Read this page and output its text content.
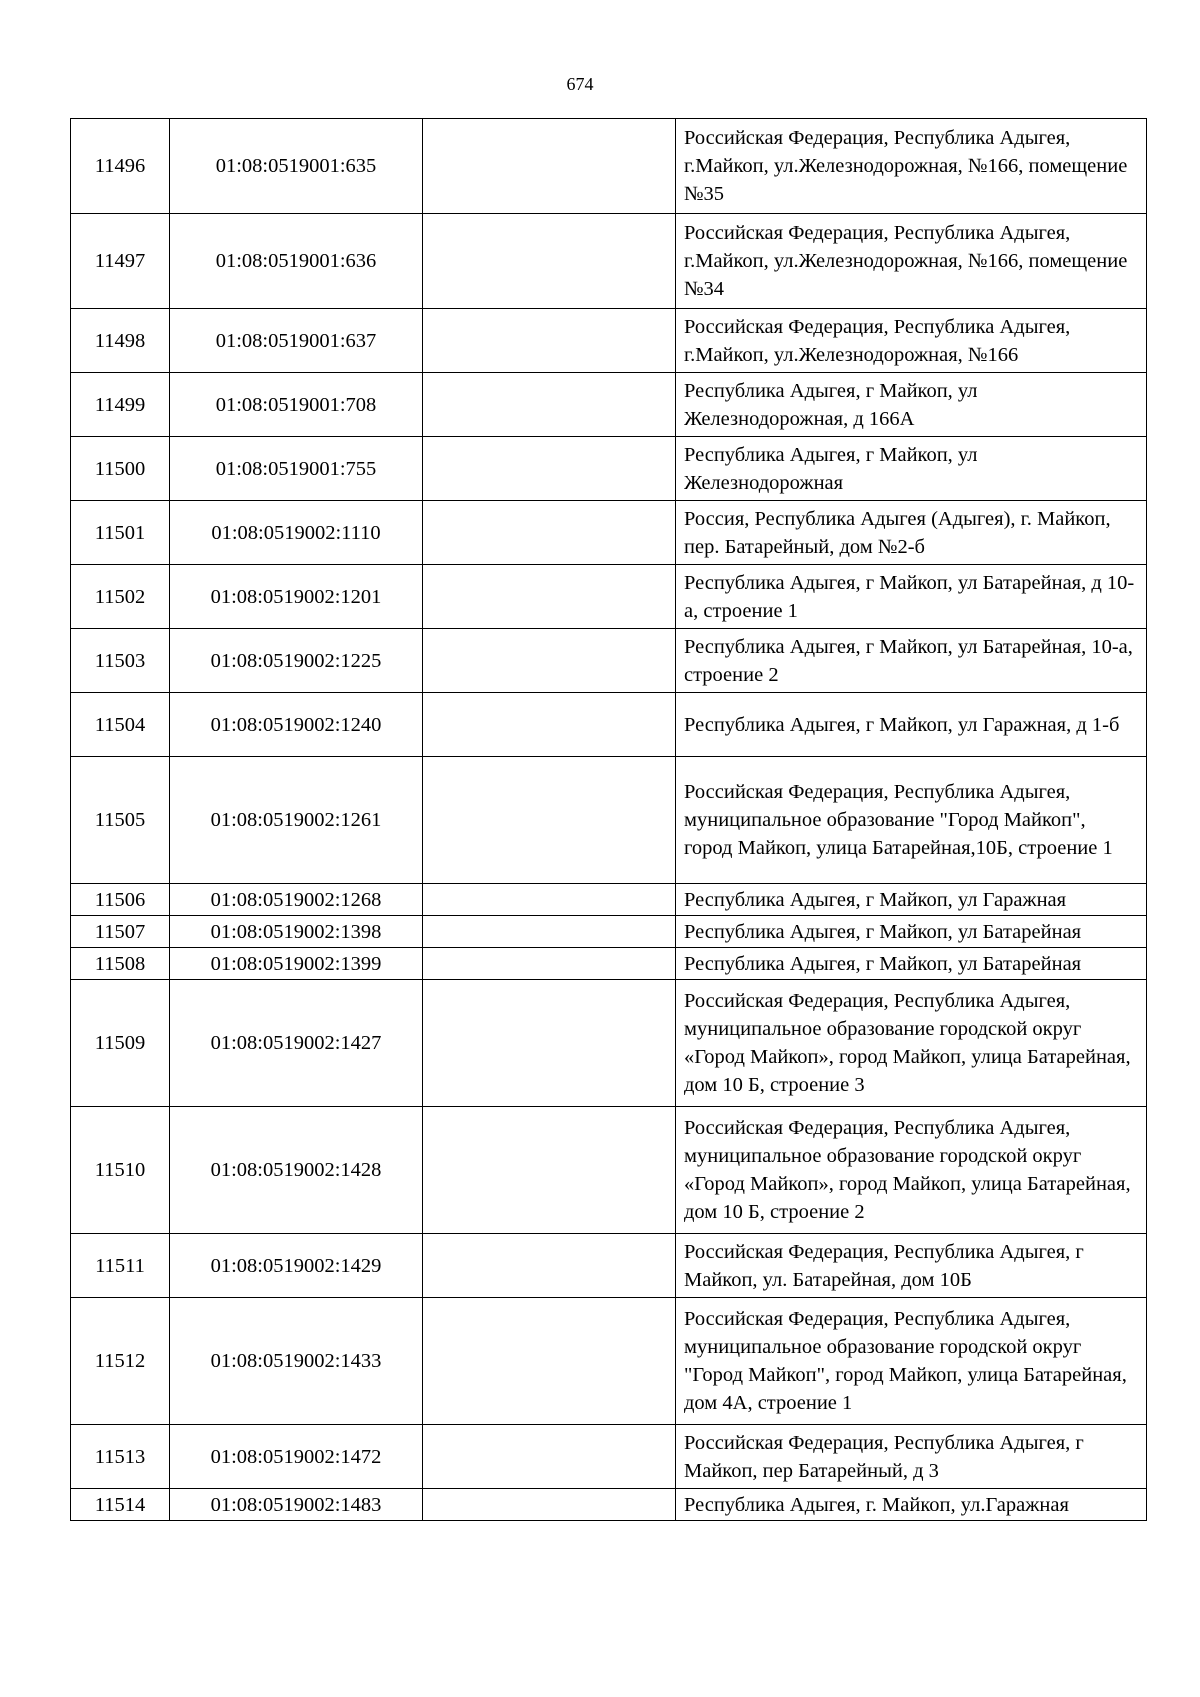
674
11496	01:08:0519001:635		Российская Федерация, Республика Адыгея, г.Майкоп, ул.Железнодорожная, №166, помещение №35
11497	01:08:0519001:636		Российская Федерация, Республика Адыгея, г.Майкоп, ул.Железнодорожная, №166, помещение №34
11498	01:08:0519001:637		Российская Федерация, Республика Адыгея, г.Майкоп, ул.Железнодорожная, №166
11499	01:08:0519001:708		Республика Адыгея, г Майкоп, ул Железнодорожная, д 166А
11500	01:08:0519001:755		Республика Адыгея, г Майкоп, ул Железнодорожная
11501	01:08:0519002:1110		Россия, Республика Адыгея (Адыгея), г. Майкоп, пер. Батарейный, дом №2-б
11502	01:08:0519002:1201		Республика Адыгея, г Майкоп, ул Батарейная, д 10-а, строение 1
11503	01:08:0519002:1225		Республика Адыгея, г Майкоп, ул Батарейная, 10-а, строение 2
11504	01:08:0519002:1240		Республика Адыгея, г Майкоп, ул Гаражная, д 1-б
11505	01:08:0519002:1261		Российская Федерация, Республика Адыгея, муниципальное образование "Город Майкоп", город Майкоп, улица Батарейная,10Б, строение 1
11506	01:08:0519002:1268		Республика Адыгея, г Майкоп, ул Гаражная
11507	01:08:0519002:1398		Республика Адыгея, г Майкоп, ул Батарейная
11508	01:08:0519002:1399		Республика Адыгея, г Майкоп, ул Батарейная
11509	01:08:0519002:1427		Российская Федерация, Республика Адыгея, муниципальное образование городской округ «Город Майкоп», город Майкоп, улица Батарейная, дом 10 Б, строение 3
11510	01:08:0519002:1428		Российская Федерация, Республика Адыгея, муниципальное образование городской округ «Город Майкоп», город Майкоп, улица Батарейная, дом 10 Б, строение 2
11511	01:08:0519002:1429		Российская Федерация, Республика Адыгея, г Майкоп, ул. Батарейная, дом 10Б
11512	01:08:0519002:1433		Российская Федерация, Республика Адыгея, муниципальное образование городской округ "Город Майкоп", город Майкоп, улица Батарейная, дом 4А, строение 1
11513	01:08:0519002:1472		Российская Федерация, Республика Адыгея, г Майкоп, пер Батарейный, д 3
11514	01:08:0519002:1483		Республика Адыгея, г. Майкоп, ул.Гаражная
